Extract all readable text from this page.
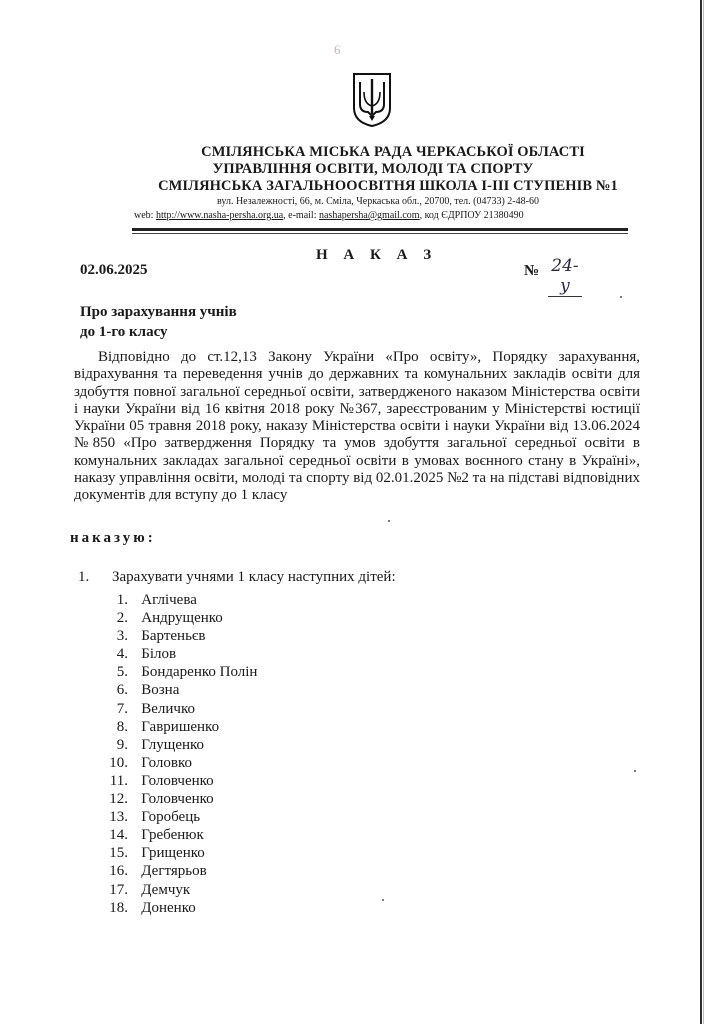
6
СМІЛЯНСЬКА МІСЬКА РАДА ЧЕРКАСЬКОЇ ОБЛАСТІ
УПРАВЛІННЯ ОСВІТИ, МОЛОДІ ТА СПОРТУ
СМІЛЯНСЬКА ЗАГАЛЬНООСВІТНЯ ШКОЛА І-ІІІ СТУПЕНІВ №1
вул. Незалежності, 66, м. Сміла, Черкаська обл., 20700, тел. (04733) 2-48-60
web: http://www.nasha-persha.org.ua, e-mail: nashapersha@gmail.com, код ЄДРПОУ 21380490
Н А К А З
02.06.2025	№ 24-у
Про зарахування учнів
до 1-го класу
Відповідно до ст.12,13 Закону України «Про освіту», Порядку зарахування, відрахування та переведення учнів до державних та комунальних закладів освіти для здобуття повної загальної середньої освіти, затвердженого наказом Міністерства освіти і науки України від 16 квітня 2018 року №367, зареєстрованим у Міністерстві юстиції України 05 травня 2018 року, наказу Міністерства освіти і науки України від 13.06.2024 №850 «Про затвердження Порядку та умов здобуття загальної середньої освіти в комунальних закладах загальної середньої освіти в умовах воєнного стану в Україні», наказу управління освіти, молоді та спорту від 02.01.2025 №2 та на підставі відповідних документів для вступу до 1 класу
наказую:
1. Зарахувати учнями 1 класу наступних дітей:
1. Аглічева
2. Андрущенко
3. Бартеньєв
4. Білов
5. Бондаренко Полін
6. Возна
7. Величко
8. Гавришенко
9. Глущенко
10. Головко
11. Головченко
12. Головченко
13. Горобець
14. Гребенюк
15. Грищенко
16. Дегтярьов
17. Демчук
18. Доненко
